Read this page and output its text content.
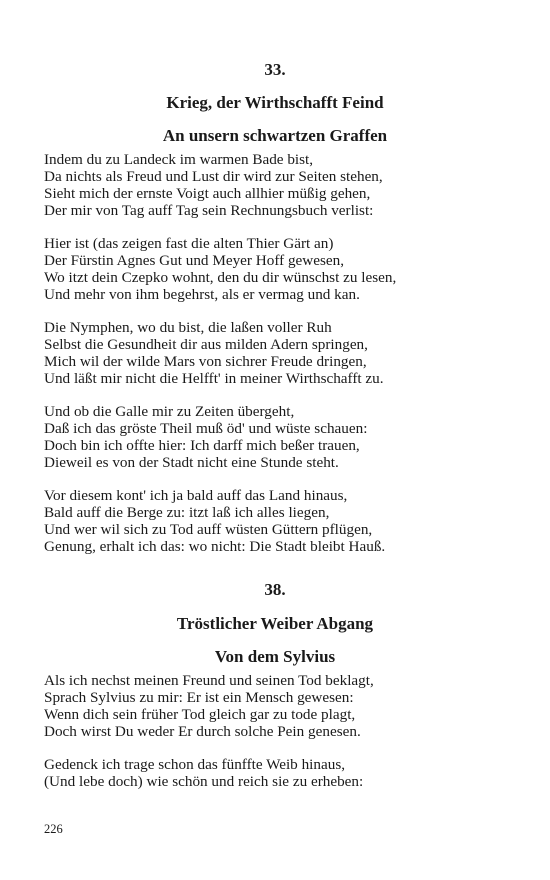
33.
Krieg, der Wirthschafft Feind
An unsern schwartzen Graffen
Indem du zu Landeck im warmen Bade bist,
Da nichts als Freud und Lust dir wird zur Seiten stehen,
Sieht mich der ernste Voigt auch allhier müßig gehen,
Der mir von Tag auff Tag sein Rechnungsbuch verlist:
Hier ist (das zeigen fast die alten Thier Gärt an)
Der Fürstin Agnes Gut und Meyer Hoff gewesen,
Wo itzt dein Czepko wohnt, den du dir wünschst zu lesen,
Und mehr von ihm begehrst, als er vermag und kan.
Die Nymphen, wo du bist, die laßen voller Ruh
Selbst die Gesundheit dir aus milden Adern springen,
Mich wil der wilde Mars von sichrer Freude dringen,
Und läßt mir nicht die Helfft' in meiner Wirthschafft zu.
Und ob die Galle mir zu Zeiten übergeht,
Daß ich das gröste Theil muß öd' und wüste schauen:
Doch bin ich offte hier: Ich darff mich beßer trauen,
Dieweil es von der Stadt nicht eine Stunde steht.
Vor diesem kont' ich ja bald auff das Land hinaus,
Bald auff die Berge zu: itzt laß ich alles liegen,
Und wer wil sich zu Tod auff wüsten Güttern pflügen,
Genung, erhalt ich das: wo nicht: Die Stadt bleibt Hauß.
38.
Tröstlicher Weiber Abgang
Von dem Sylvius
Als ich nechst meinen Freund und seinen Tod beklagt,
Sprach Sylvius zu mir: Er ist ein Mensch gewesen:
Wenn dich sein früher Tod gleich gar zu tode plagt,
Doch wirst Du weder Er durch solche Pein genesen.
Gedenck ich trage schon das fünffte Weib hinaus,
(Und lebe doch) wie schön und reich sie zu erheben:
226
